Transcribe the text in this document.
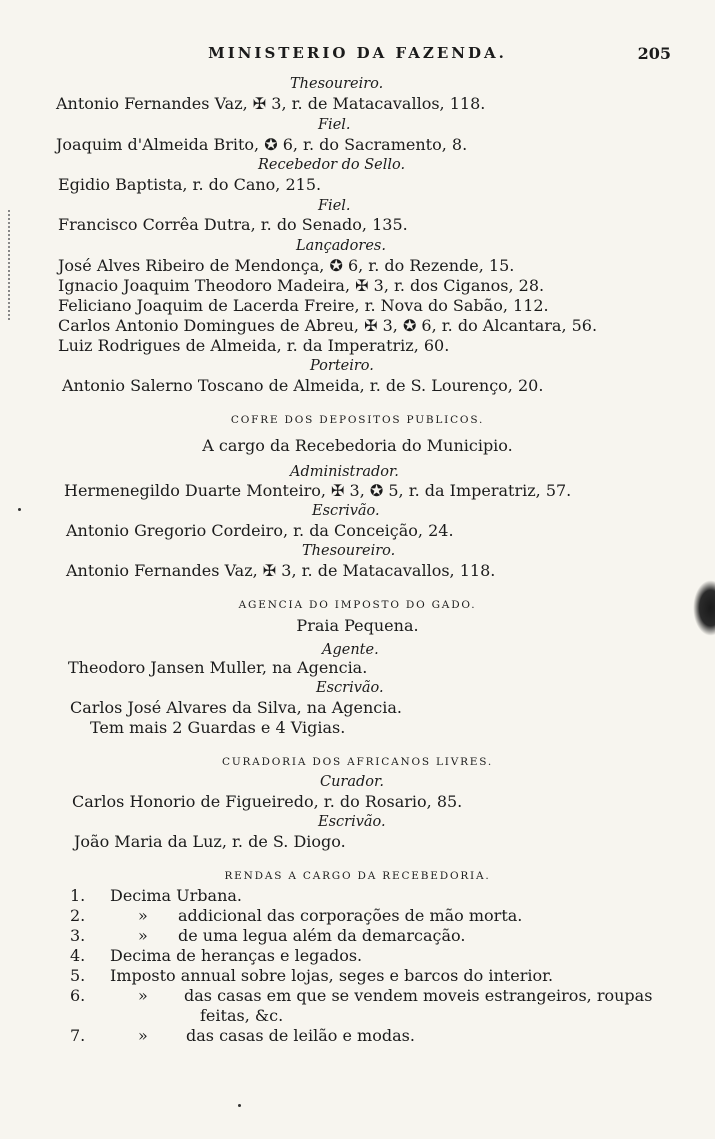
MINISTERIO DA FAZENDA.	205
Thesoureiro.
Antonio Fernandes Vaz, ✠ 3, r. de Matacavallos, 118.
Fiel.
Joaquim d'Almeida Brito, ✪ 6, r. do Sacramento, 8.
Recebedor do Sello.
Egidio Baptista, r. do Cano, 215.
Fiel.
Francisco Corrêa Dutra, r. do Senado, 135.
Lançadores.
José Alves Ribeiro de Mendonça, ✪ 6, r. do Rezende, 15.
Ignacio Joaquim Theodoro Madeira, ✠ 3, r. dos Ciganos, 28.
Feliciano Joaquim de Lacerda Freire, r. Nova do Sabão, 112.
Carlos Antonio Domingues de Abreu, ✠ 3, ✪ 6, r. do Alcantara, 56.
Luiz Rodrigues de Almeida, r. da Imperatriz, 60.
Porteiro.
Antonio Salerno Toscano de Almeida, r. de S. Lourenço, 20.
COFRE DOS DEPOSITOS PUBLICOS.
A cargo da Recebedoria do Municipio.
Administrador.
Hermenegildo Duarte Monteiro, ✠ 3, ✪ 5, r. da Imperatriz, 57.
Escrivão.
Antonio Gregorio Cordeiro, r. da Conceição, 24.
Thesoureiro.
Antonio Fernandes Vaz, ✠ 3, r. de Matacavallos, 118.
AGENCIA DO IMPOSTO DO GADO.
Praia Pequena.
Agente.
Theodoro Jansen Muller, na Agencia.
Escrivão.
Carlos José Alvares da Silva, na Agencia.
Tem mais 2 Guardas e 4 Vigias.
CURADORIA DOS AFRICANOS LIVRES.
Curador.
Carlos Honorio de Figueiredo, r. do Rosario, 85.
Escrivão.
João Maria da Luz, r. de S. Diogo.
RENDAS A CARGO DA RECEBEDORIA.
1. Decima Urbana.
2.	» addicional das corporações de mão morta.
3.	» de uma legua além da demarcação.
4. Decima de heranças e legados.
5. Imposto annual sobre lojas, seges e barcos do interior.
6.	» das casas em que se vendem moveis estrangeiros, roupas
feitas, &c.
7.	» das casas de leilão e modas.
